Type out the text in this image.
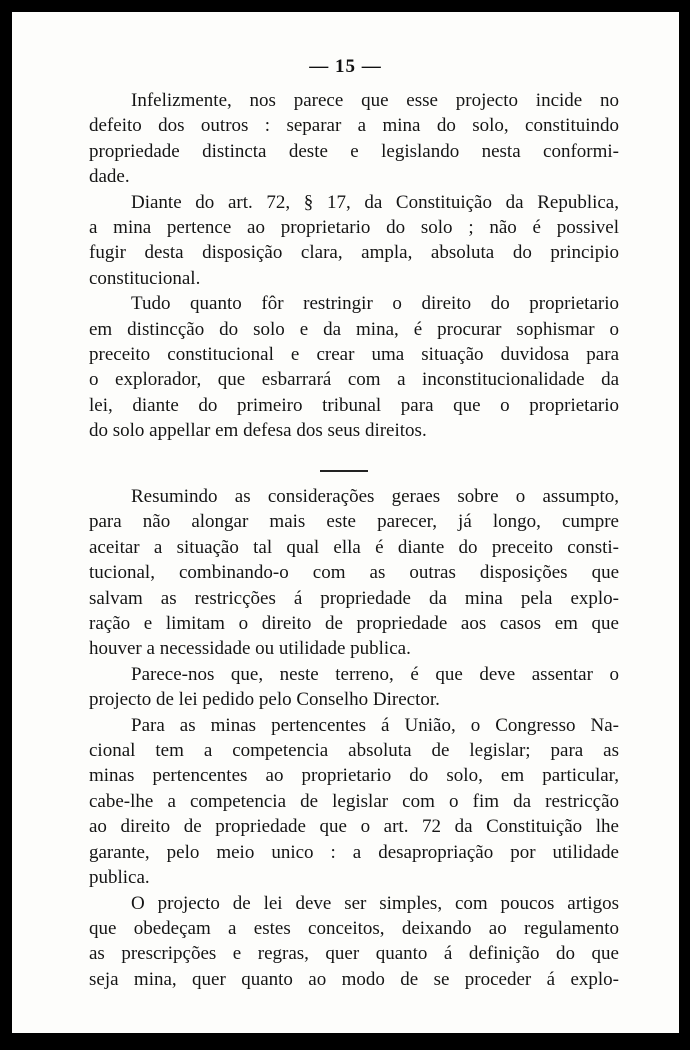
— 15 —
Infelizmente, nos parece que esse projecto incide no
defeito dos outros : separar a mina do solo, constituindo
propriedade distincta deste e legislando nesta conformi-
dade.
Diante do art. 72, § 17, da Constituição da Republica,
a mina pertence ao proprietario do solo ; não é possivel
fugir desta disposição clara, ampla, absoluta do principio
constitucional.
Tudo quanto fôr restringir o direito do proprietario
em distincção do solo e da mina, é procurar sophismar o
preceito constitucional e crear uma situação duvidosa para
o explorador, que esbarrará com a inconstitucionalidade da
lei, diante do primeiro tribunal para que o proprietario
do solo appellar em defesa dos seus direitos.
Resumindo as considerações geraes sobre o assumpto,
para não alongar mais este parecer, já longo, cumpre
aceitar a situação tal qual ella é diante do preceito consti-
tucional, combinando-o com as outras disposições que
salvam as restricções á propriedade da mina pela explo-
ração e limitam o direito de propriedade aos casos em que
houver a necessidade ou utilidade publica.
Parece-nos que, neste terreno, é que deve assentar o
projecto de lei pedido pelo Conselho Director.
Para as minas pertencentes á União, o Congresso Na-
cional tem a competencia absoluta de legislar; para as
minas pertencentes ao proprietario do solo, em particular,
cabe-lhe a competencia de legislar com o fim da restricção
ao direito de propriedade que o art. 72 da Constituição lhe
garante, pelo meio unico : a desapropriação por utilidade
publica.
O projecto de lei deve ser simples, com poucos artigos
que obedeçam a estes conceitos, deixando ao regulamento
as prescripções e regras, quer quanto á definição do que
seja mina, quer quanto ao modo de se proceder á explo-
